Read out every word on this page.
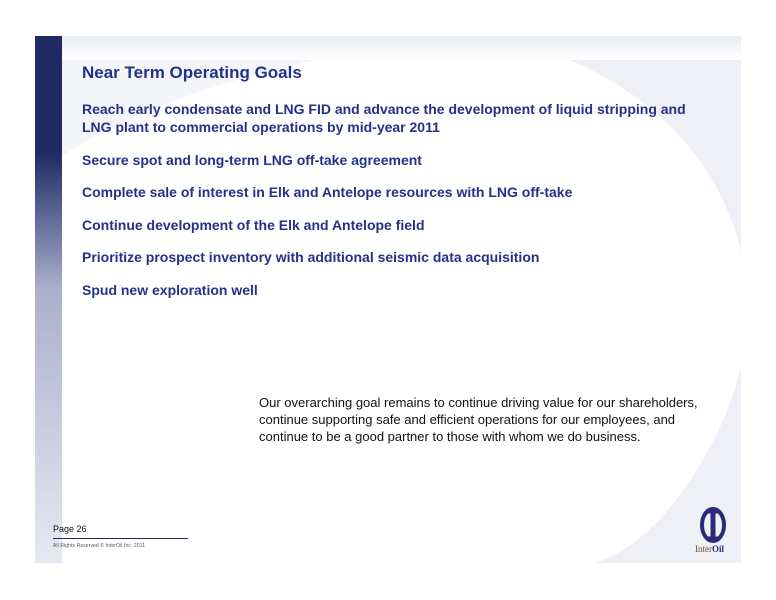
Near Term Operating Goals
Reach early condensate and LNG FID and advance the development of liquid stripping and LNG plant to commercial operations by mid-year 2011
Secure spot and long-term LNG off-take agreement
Complete sale of interest in Elk and Antelope resources with LNG off-take
Continue development of the Elk and Antelope field
Prioritize prospect inventory with additional seismic data acquisition
Spud new exploration well

Our overarching goal remains to continue driving value for our shareholders, continue supporting safe and efficient operations for our employees, and continue to be a good partner to those with whom we do business.

Page 26
All Rights Reserved © InterOil Inc. 2011	InterOil
